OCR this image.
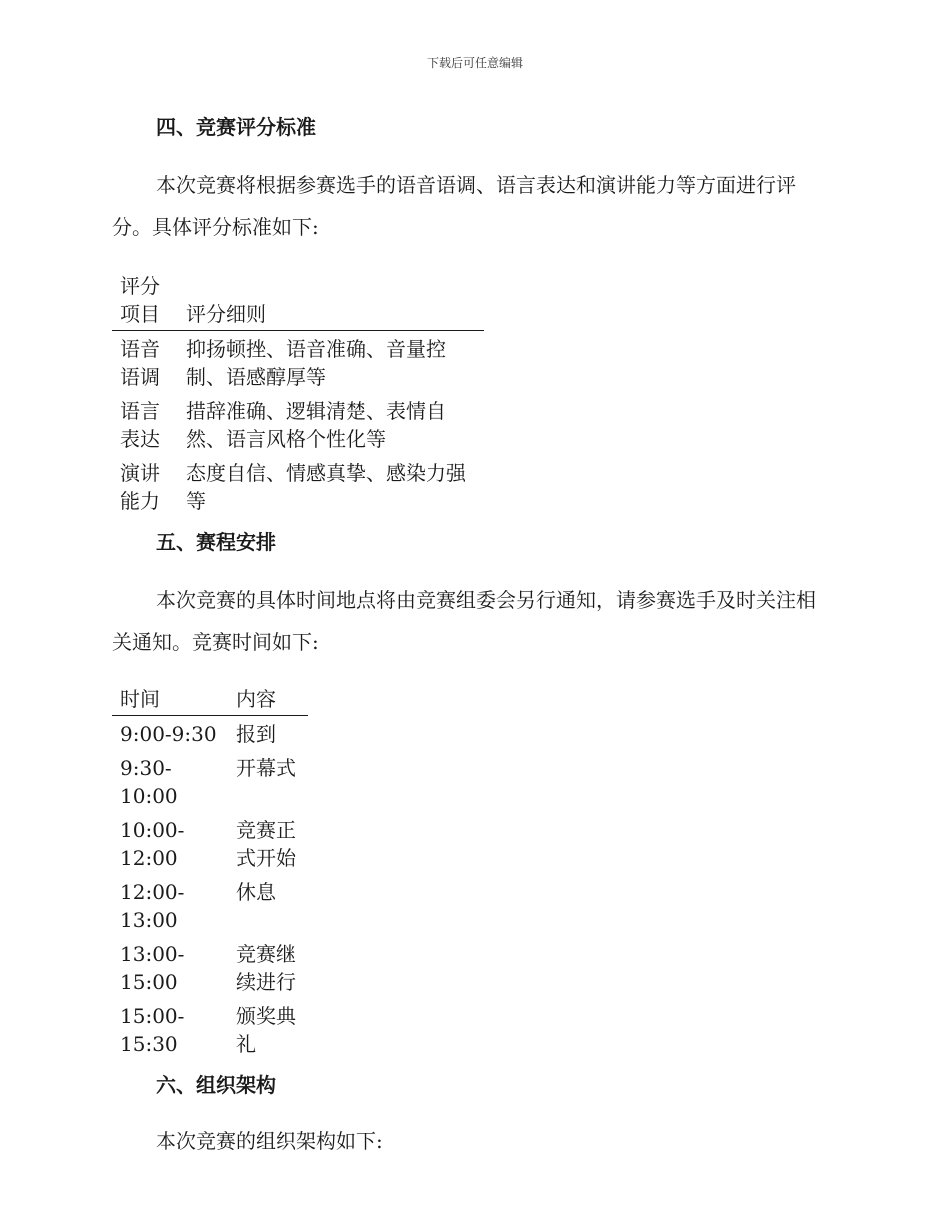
下载后可任意编辑
四、竞赛评分标准

本次竞赛将根据参赛选手的语音语调、语言表达和演讲能力等方面进行评分。具体评分标准如下:

评分项目	评分细则
语音语调	抑扬顿挫、语音准确、音量控制、语感醇厚等
语言表达	措辞准确、逻辑清楚、表情自然、语言风格个性化等
演讲能力	态度自信、情感真挚、感染力强等
五、赛程安排

本次竞赛的具体时间地点将由竞赛组委会另行通知，请参赛选手及时关注相关通知。竞赛时间如下:

时间	内容
9:00-9:30	报到
9:30-10:00	开幕式
10:00-12:00	竞赛正式开始
12:00-13:00	休息
13:00-15:00	竞赛继续进行
15:00-15:30	颁奖典礼
六、组织架构

本次竞赛的组织架构如下:
